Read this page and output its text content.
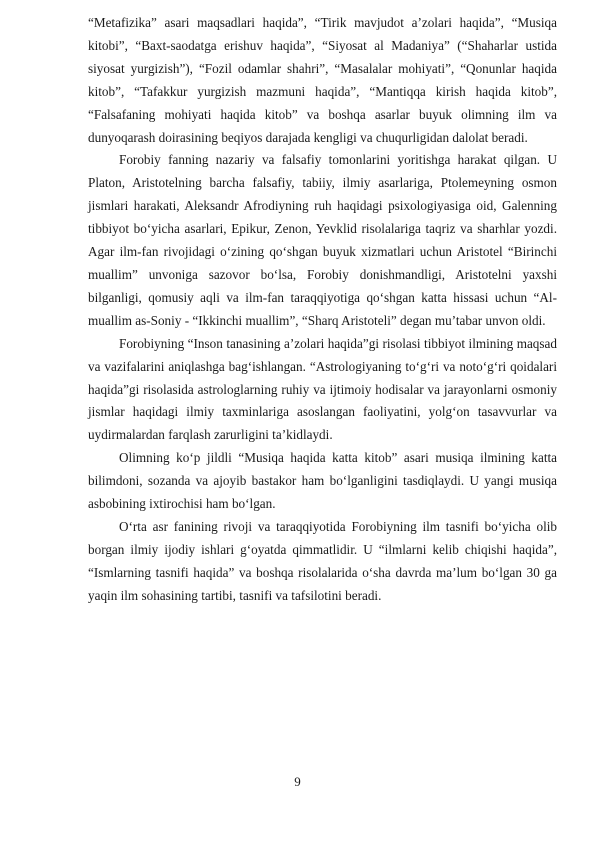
“Metafizika” asari maqsadlari haqida”, “Tirik mavjudot a’zolari haqida”, “Musiqa kitobi”, “Baxt-saodatga erishuv haqida”, “Siyosat al Madaniya” (“Shaharlar ustida siyosat yurgizish”), “Fozil odamlar shahri”, “Masalalar mohiyati”, “Qonunlar haqida kitob”, “Tafakkur yurgizish mazmuni haqida”, “Mantiqqa kirish haqida kitob”, “Falsafaning mohiyati haqida kitob” va boshqa asarlar buyuk olimning ilm va dunyoqarash doirasining beqiyos darajada kengligi va chuqurligidan dalolat beradi.

Forobiy fanning nazariy va falsafiy tomonlarini yoritishga harakat qilgan. U Platon, Aristotelning barcha falsafiy, tabiiy, ilmiy asarlariga, Ptolemeyning osmon jismlari harakati, Aleksandr Afrodiyning ruh haqidagi psixologiyasiga oid, Galenning tibbiyot bo‘yicha asarlari, Epikur, Zenon, Yevklid risolalariga taqriz va sharhlar yozdi. Agar ilm-fan rivojidagi o‘zining qo‘shgan buyuk xizmatlari uchun Aristotel “Birinchi muallim” unvoniga sazovor bo‘lsa, Forobiy donishmandligi, Aristotelni yaxshi bilganligi, qomusiy aqli va ilm-fan taraqqiyotiga qo‘shgan katta hissasi uchun “Al-muallim as-Soniy - “Ikkinchi muallim”, “Sharq Aristoteli” degan mu’tabar unvon oldi.

Forobiyning “Inson tanasining a’zolari haqida”gi risolasi tibbiyot ilmining maqsad va vazifalarini aniqlashga bag‘ishlangan. “Astrologiyaning to‘g‘ri va noto‘g‘ri qoidalari haqida”gi risolasida astrologlarning ruhiy va ijtimoiy hodisalar va jarayonlarni osmoniy jismlar haqidagi ilmiy taxminlariga asoslangan faoliyatini, yolg‘on tasavvurlar va uydirmalardan farqlash zarurligini ta’kidlaydi.

Olimning ko‘p jildli “Musiqa haqida katta kitob” asari musiqa ilmining katta bilimdoni, sozanda va ajoyib bastakor ham bo‘lganligini tasdiqlaydi. U yangi musiqa asbobining ixtirochisi ham bo‘lgan.

O‘rta asr fanining rivoji va taraqqiyotida Forobiyning ilm tasnifi bo‘yicha olib borgan ilmiy ijodiy ishlari g‘oyatda qimmatlidir. U “ilmlarni kelib chiqishi haqida”, “Ismlarning tasnifi haqida” va boshqa risolalarida o‘sha davrda ma’lum bo‘lgan 30 ga yaqin ilm sohasining tartibi, tasnifi va tafsilotini beradi.

9
